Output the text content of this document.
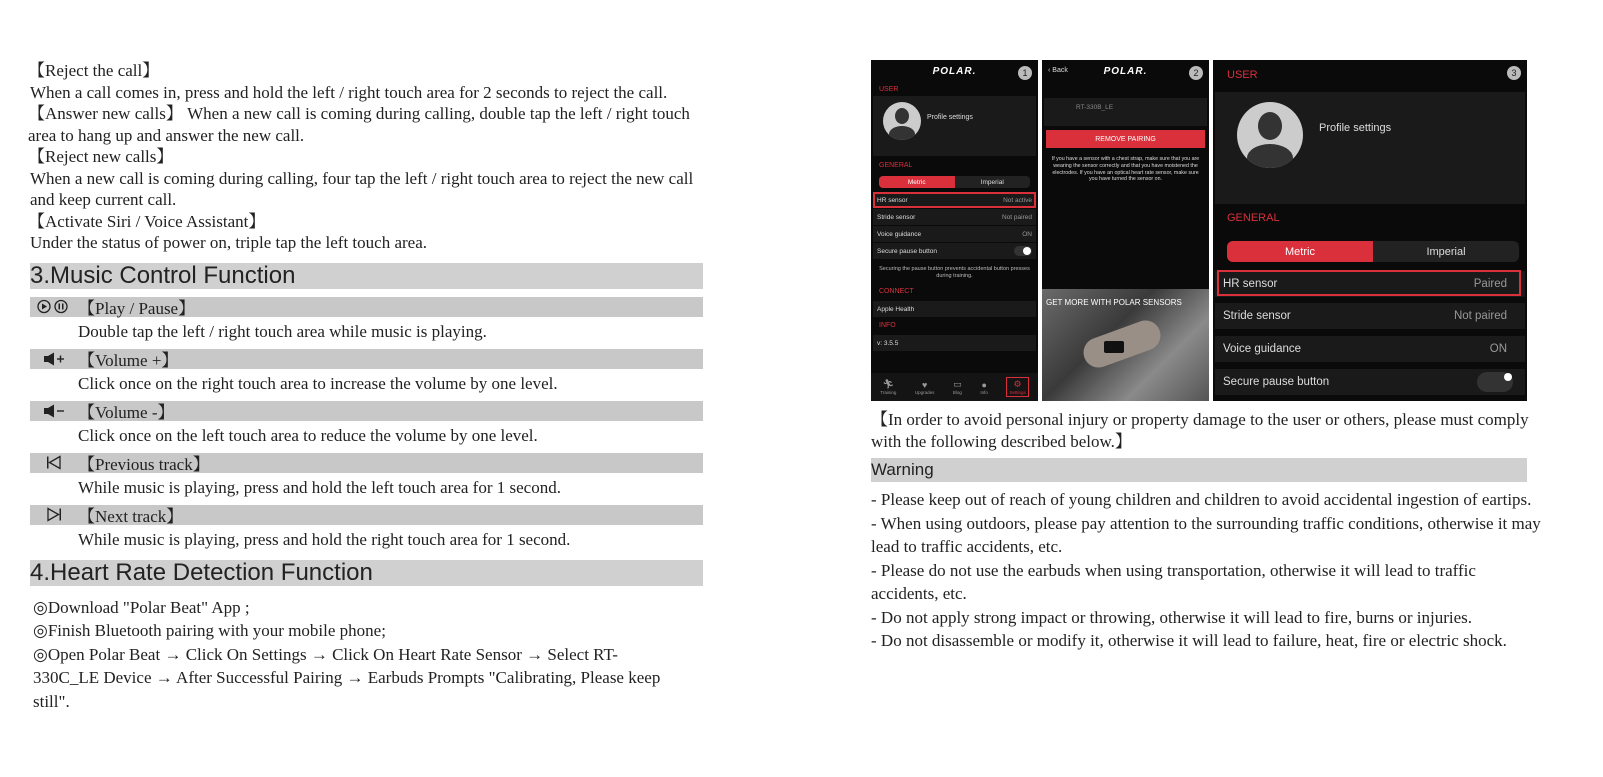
【Reject the call】
When a call comes in, press and hold the left / right touch area for 2 seconds to reject the call.
【Answer new calls】 When a new call is coming during calling, double tap the left / right touch area to hang up and answer the new call.
【Reject new calls】
When a new call is coming during calling, four tap the left / right touch area to reject the new call and keep current call.
【Activate Siri / Voice Assistant】
Under the status of power on, triple tap the left touch area.
3.Music Control Function
【Play / Pause】
Double tap the left / right touch area while music is playing.
【Volume +】
Click once on the right touch area to increase the volume by one level.
【Volume -】
Click once on the left touch area to reduce the volume by one level.
【Previous track】
While music is playing, press and hold the left touch area for 1 second.
【Next track】
While music is playing, press and hold the right touch area for 1 second.
4.Heart Rate Detection Function
◎Download "Polar Beat" App ;
◎Finish Bluetooth pairing with your mobile phone;
◎Open Polar Beat → Click On Settings → Click On Heart Rate Sensor → Select RT-330C_LE Device → After Successful Pairing → Earbuds Prompts "Calibrating, Please keep still".
POLAR.	1
USER
Profile settings
GENERAL
Metric	Imperial
HR sensor	Not active
Stride sensor	Not paired
Voice guidance	ON
Secure pause button
Securing the pause button prevents accidental button presses during training.
CONNECT
Apple Health
INFO
v: 3.5.5
🏃︎
Training
♥
Upgrades
▭
Blog
●
Info
⚙
Settings
‹ Back	POLAR.	2
RT-330B_LE
REMOVE PAIRING
If you have a sensor with a chest strap, make sure that you are wearing the sensor correctly and that you have moistened the electrodes. If you have an optical heart rate sensor, make sure you have turned the sensor on.
GET MORE WITH POLAR SENSORS
3
USER
Profile settings
GENERAL
Metric	Imperial
HR sensor	Paired
Stride sensor	Not paired
Voice guidance	ON
Secure pause button
【In order to avoid personal injury or property damage to the user or others, please must comply with the following described below.】
Warning
- Please keep out of reach of young children and children to avoid accidental ingestion of eartips.
- When using outdoors, please pay attention to the surrounding traffic conditions, otherwise it may lead to traffic accidents, etc.
- Please do not use the earbuds when using transportation, otherwise it will lead to traffic accidents, etc.
- Do not apply strong impact or throwing, otherwise it will lead to fire, burns or injuries.
- Do not disassemble or modify it, otherwise it will lead to failure, heat, fire or electric shock.
